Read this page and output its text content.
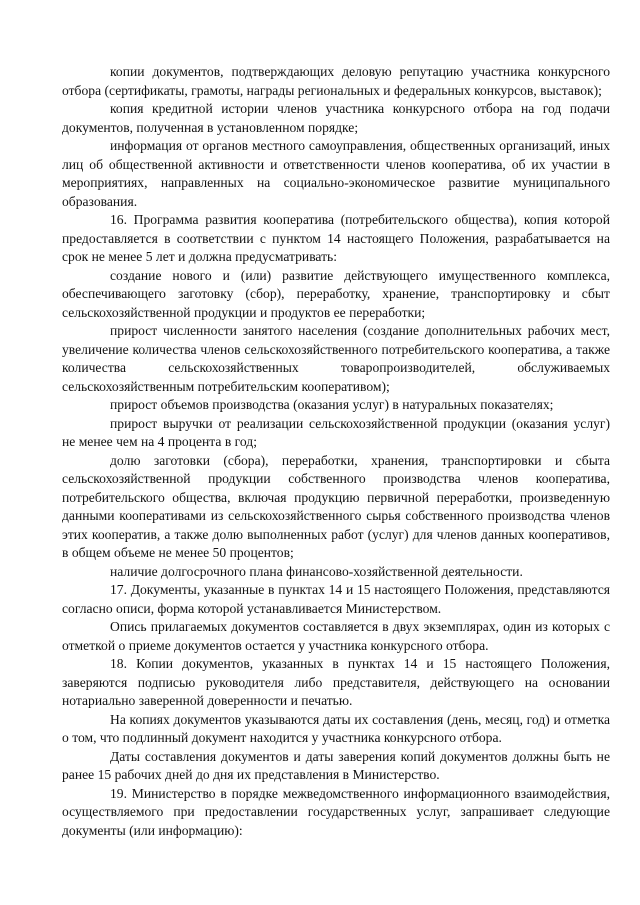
копии документов, подтверждающих деловую репутацию участника конкурсного отбора (сертификаты, грамоты, награды региональных и федеральных конкурсов, выставок);

копия кредитной истории членов участника конкурсного отбора на год подачи документов, полученная в установленном порядке;

информация от органов местного самоуправления, общественных организаций, иных лиц об общественной активности и ответственности членов кооператива, об их участии в мероприятиях, направленных на социально-экономическое развитие муниципального образования.

16. Программа развития кооператива (потребительского общества), копия которой предоставляется в соответствии с пунктом 14 настоящего Положения, разрабатывается на срок не менее 5 лет и должна предусматривать:

создание нового и (или) развитие действующего имущественного комплекса, обеспечивающего заготовку (сбор), переработку, хранение, транспортировку и сбыт сельскохозяйственной продукции и продуктов ее переработки;

прирост численности занятого населения (создание дополнительных рабочих мест, увеличение количества членов сельскохозяйственного потребительского кооператива, а также количества сельскохозяйственных товаропроизводителей, обслуживаемых сельскохозяйственным потребительским кооперативом);

прирост объемов производства (оказания услуг) в натуральных показателях;

прирост выручки от реализации сельскохозяйственной продукции (оказания услуг) не менее чем на 4 процента в год;

долю заготовки (сбора), переработки, хранения, транспортировки и сбыта сельскохозяйственной продукции собственного производства членов кооператива, потребительского общества, включая продукцию первичной переработки, произведенную данными кооперативами из сельскохозяйственного сырья собственного производства членов этих кооператив, а также долю выполненных работ (услуг) для членов данных кооперативов, в общем объеме не менее 50 процентов;

наличие долгосрочного плана финансово-хозяйственной деятельности.

17. Документы, указанные в пунктах 14 и 15 настоящего Положения, представляются согласно описи, форма которой устанавливается Министерством.

Опись прилагаемых документов составляется в двух экземплярах, один из которых с отметкой о приеме документов остается у участника конкурсного отбора.

18. Копии документов, указанных в пунктах 14 и 15 настоящего Положения, заверяются подписью руководителя либо представителя, действующего на основании нотариально заверенной доверенности и печатью.

На копиях документов указываются даты их составления (день, месяц, год) и отметка о том, что подлинный документ находится у участника конкурсного отбора.

Даты составления документов и даты заверения копий документов должны быть не ранее 15 рабочих дней до дня их представления в Министерство.

19. Министерство в порядке межведомственного информационного взаимодействия, осуществляемого при предоставлении государственных услуг, запрашивает следующие документы (или информацию):
